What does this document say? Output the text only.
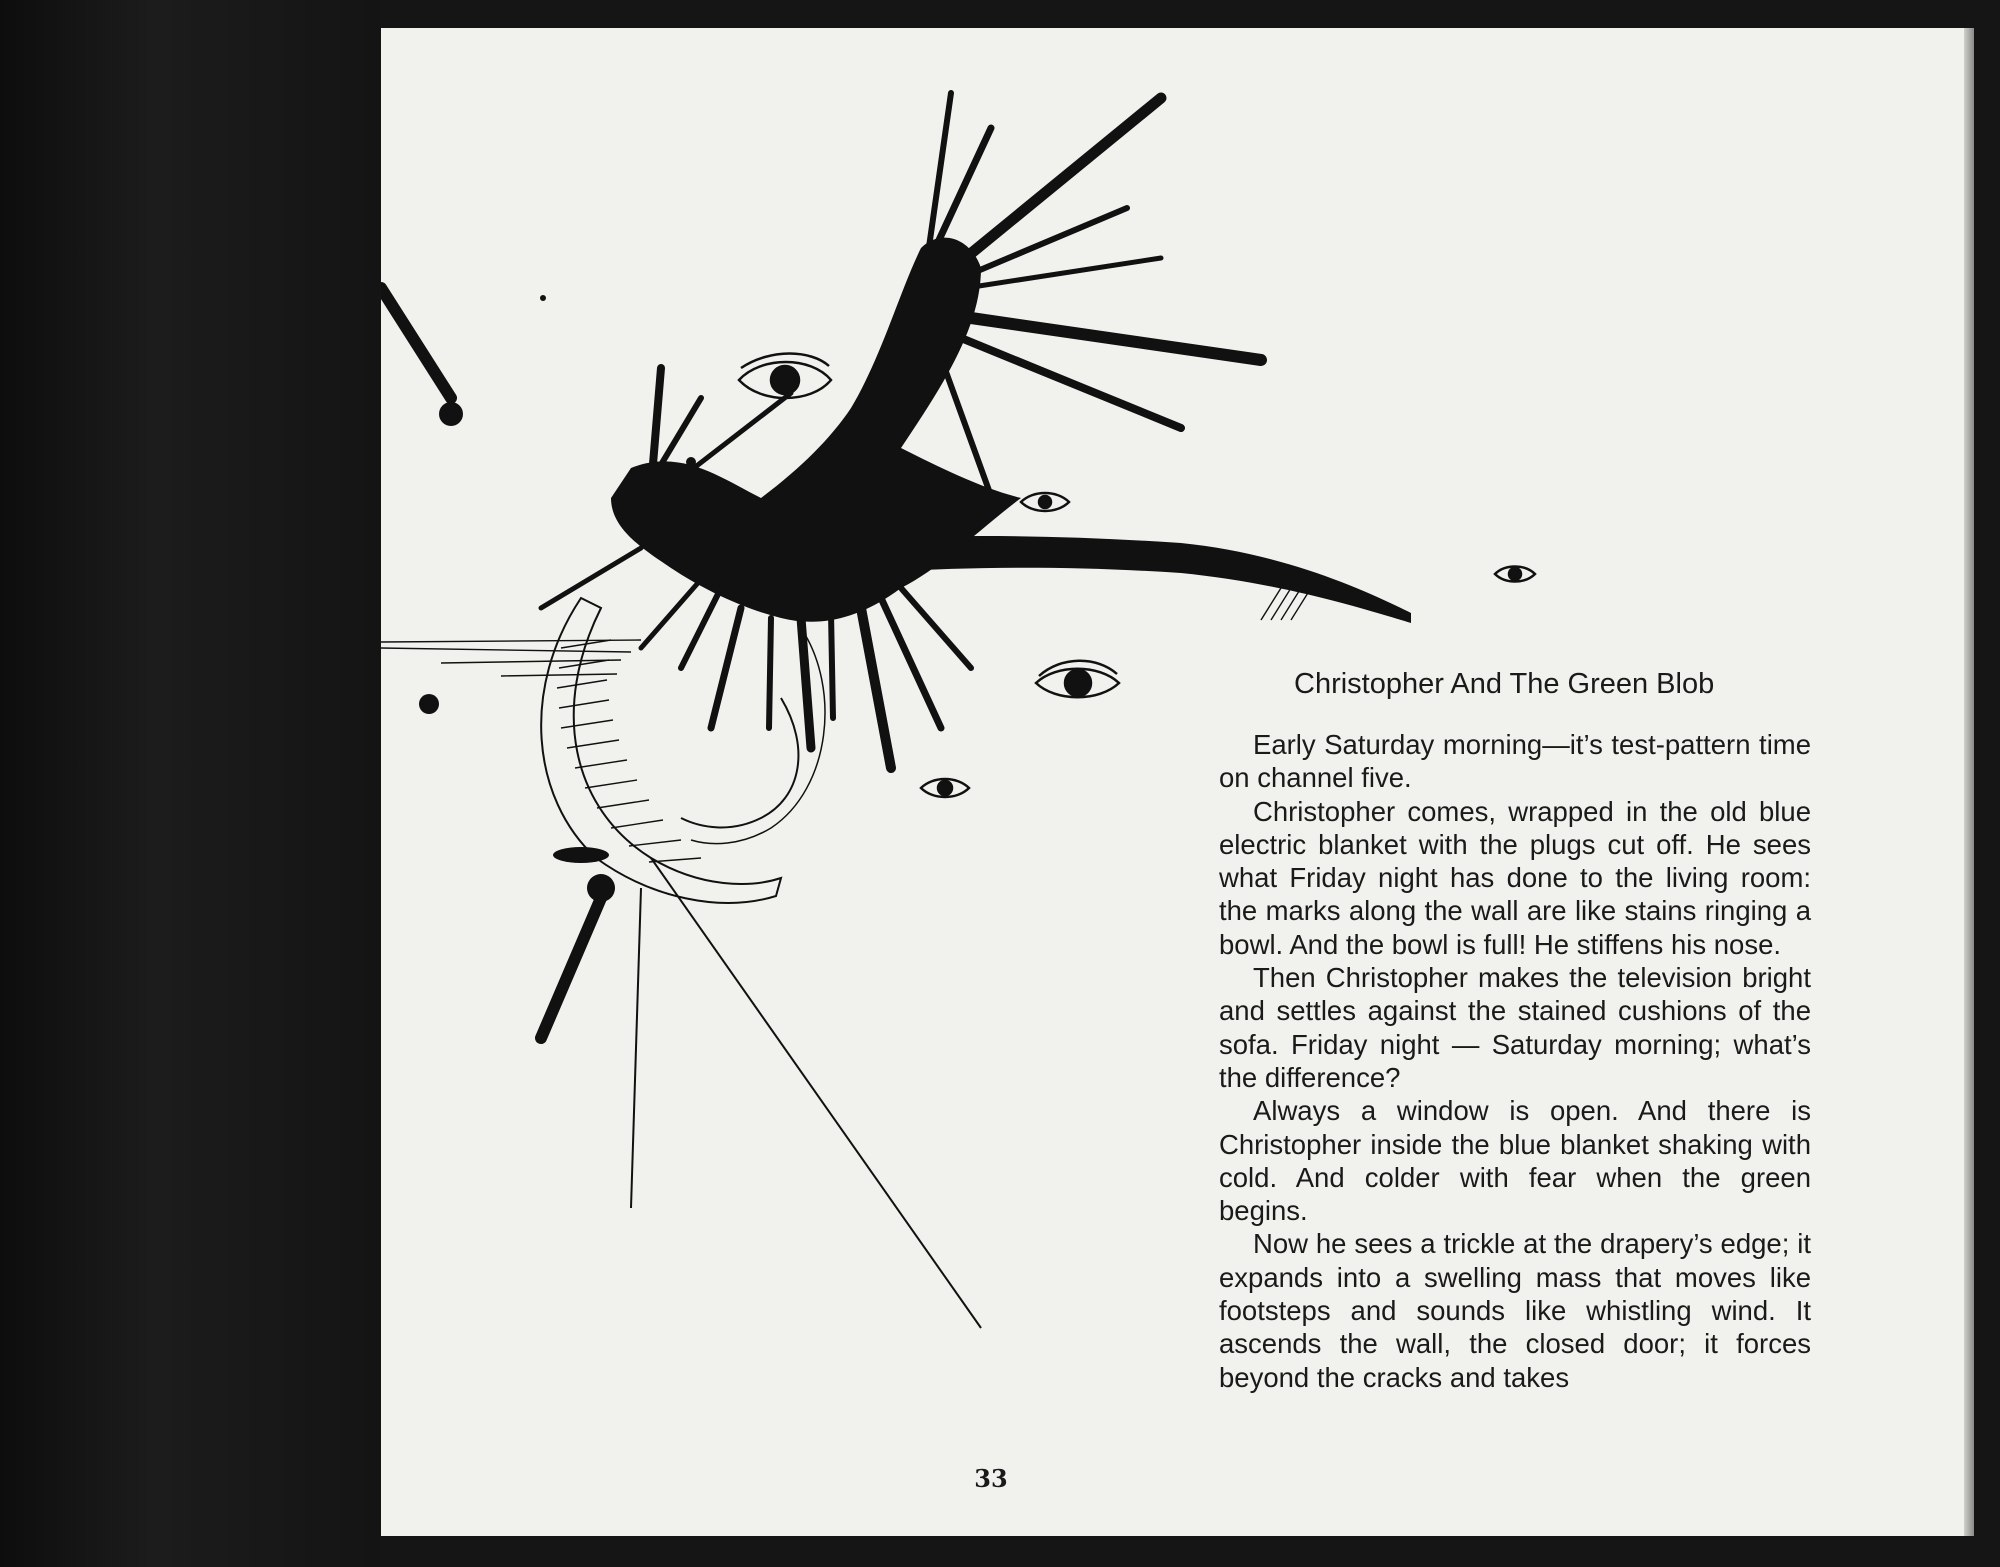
Christopher And The Green Blob

Early Saturday morning—it’s test-pattern time on channel five.

Christopher comes, wrapped in the old blue electric blanket with the plugs cut off. He sees what Friday night has done to the living room: the marks along the wall are like stains ringing a bowl. And the bowl is full! He stiffens his nose.

Then Christopher makes the television bright and settles against the stained cushions of the sofa. Friday night — Saturday morning; what’s the difference?

Always a window is open. And there is Christopher inside the blue blanket shaking with cold. And colder with fear when the green begins.

Now he sees a trickle at the drapery’s edge; it expands into a swelling mass that moves like footsteps and sounds like whistling wind. It ascends the wall, the closed door; it forces beyond the cracks and takes

33
